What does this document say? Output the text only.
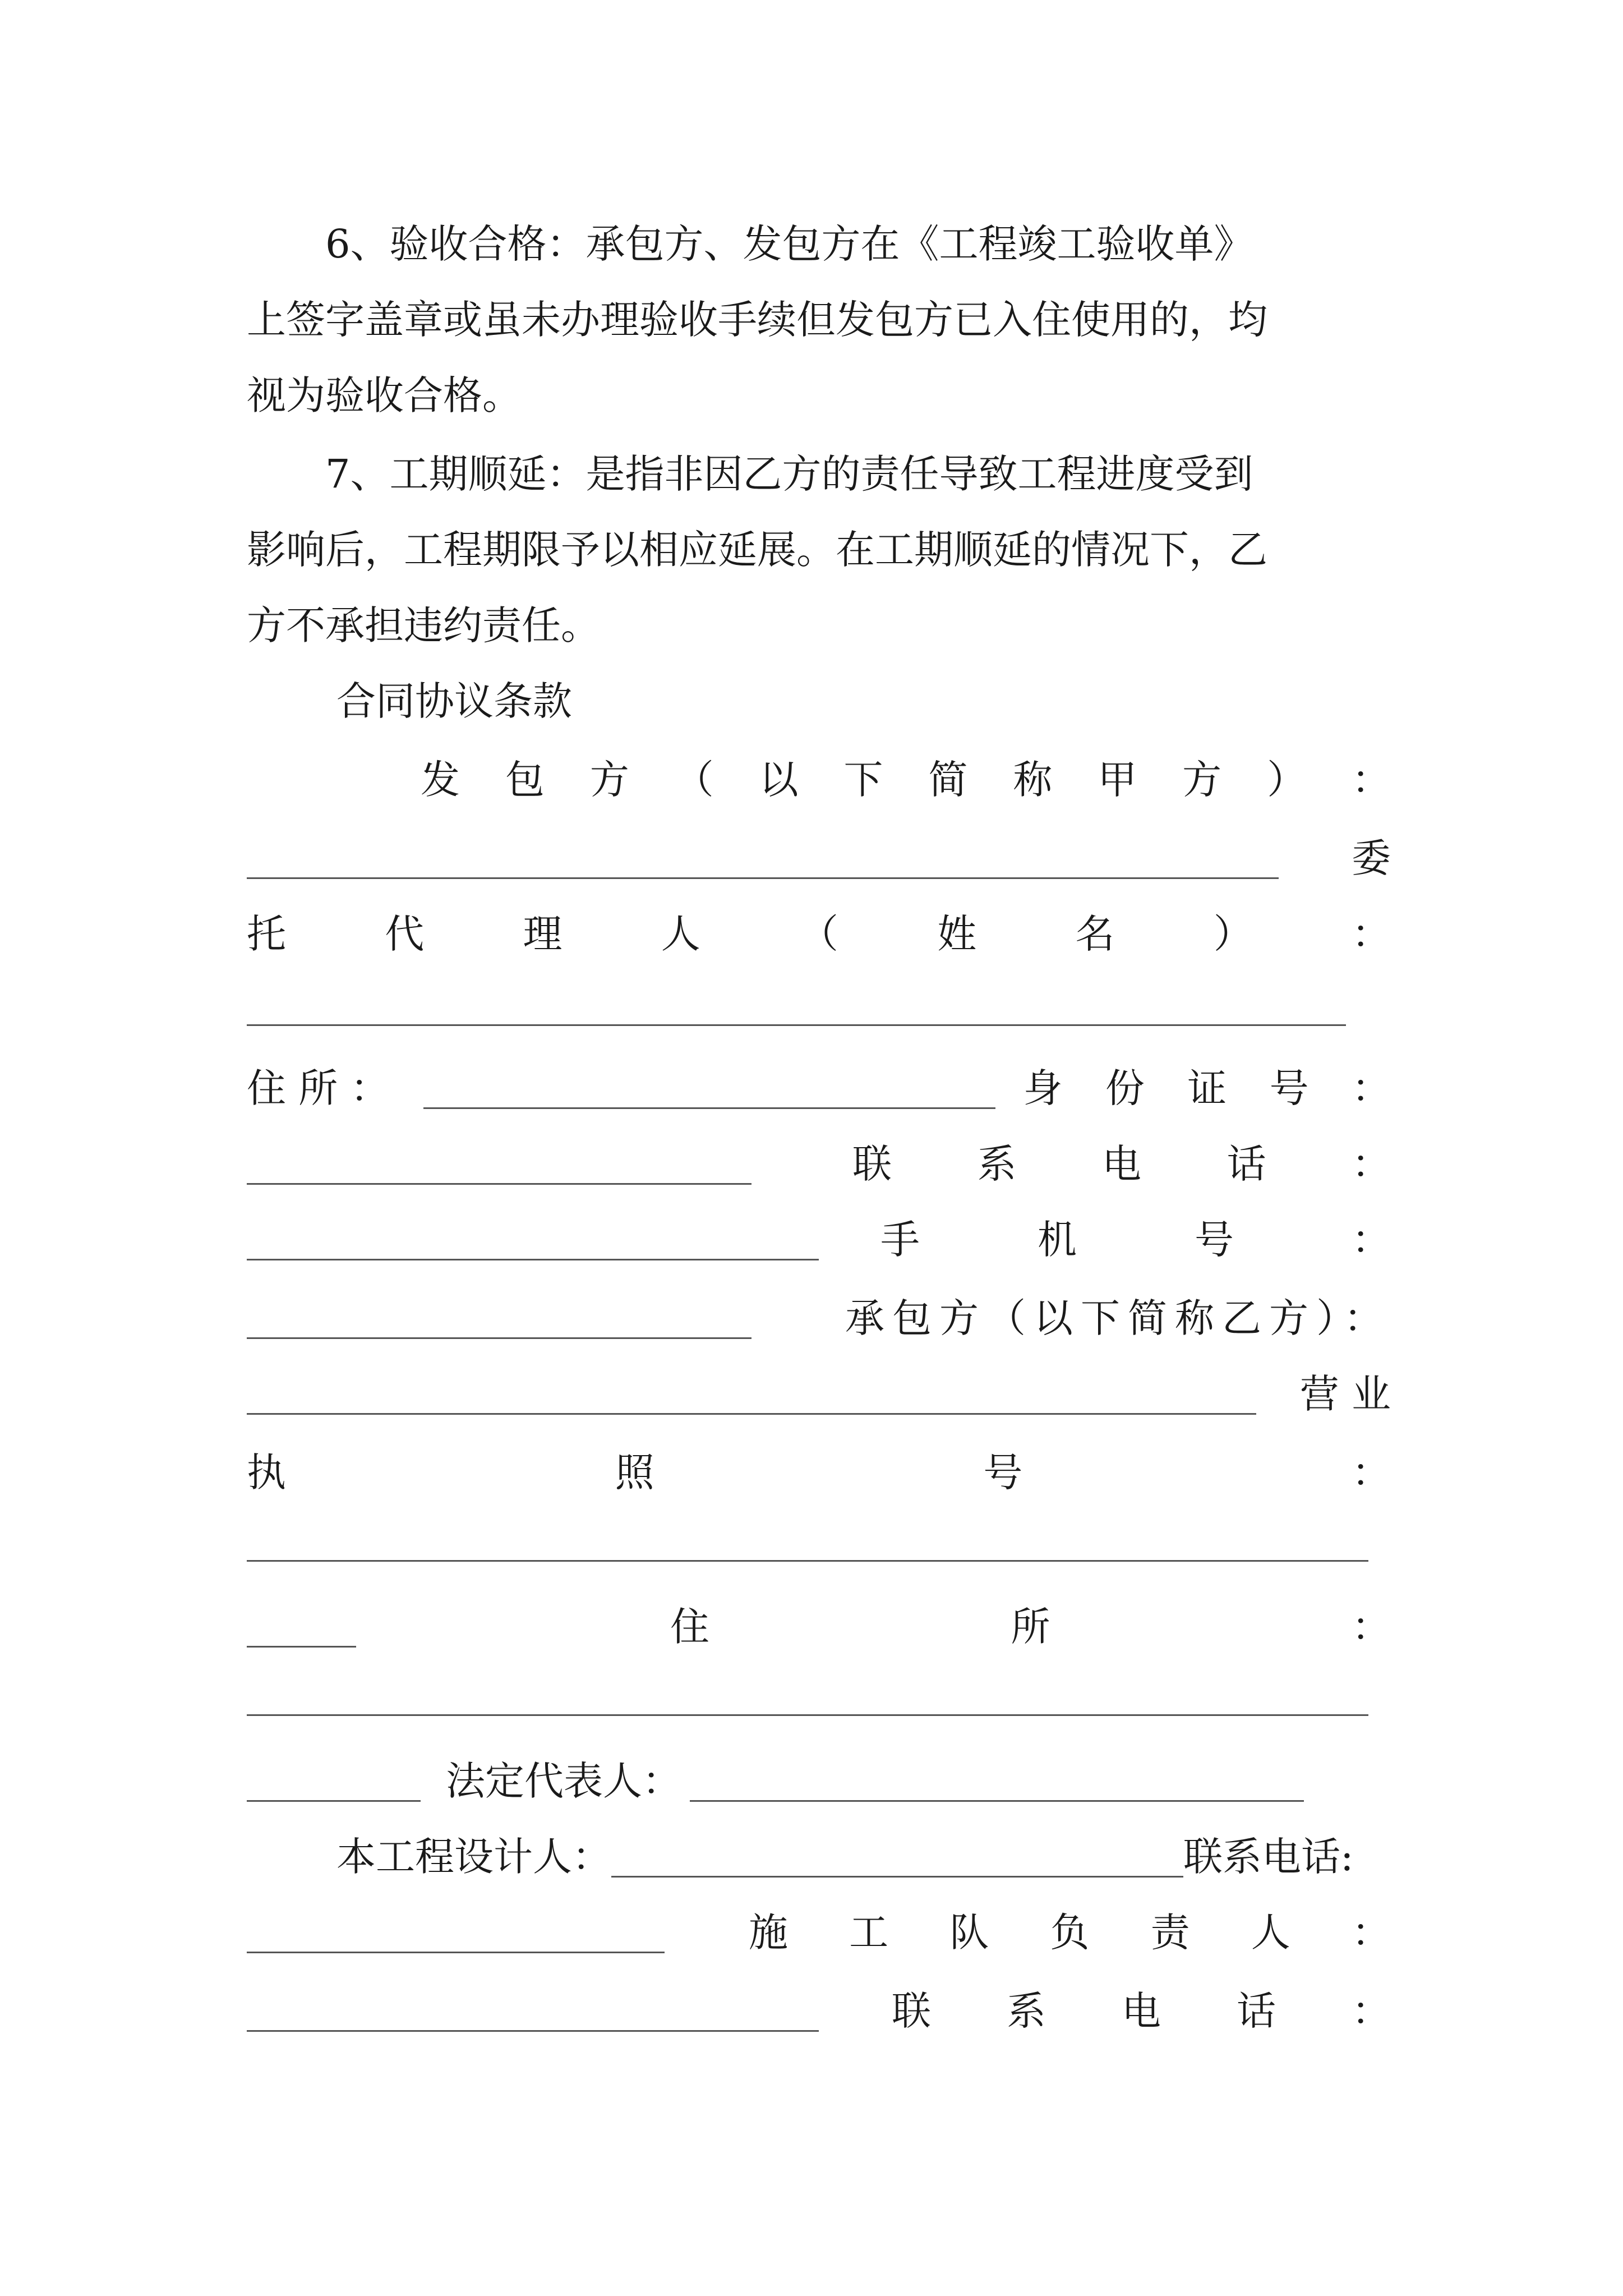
6、验收合格：承包方、发包方在《工程竣工验收单》
上签字盖章或虽未办理验收手续但发包方已入住使用的，均
视为验收合格。
7、工期顺延：是指非因乙方的责任导致工程进度受到
影响后，工程期限予以相应延展。在工期顺延的情况下，乙
方不承担违约责任。
合同协议条款
发 包 方 （ 以 下 简 称 甲 方 ） ：
委
托	代	理	人	（	姓	名	）	：
住 所 ：	身 份 证 号 ：
联 系 电 话 ：
手	机	号	：
承包方（以下简称乙方）：
营 业
执	照	号	：
住	所	：
法定代表人：
本工程设计人：	联系电话:
施 工 队 负 责 人 ：
联 系 电 话 ：
